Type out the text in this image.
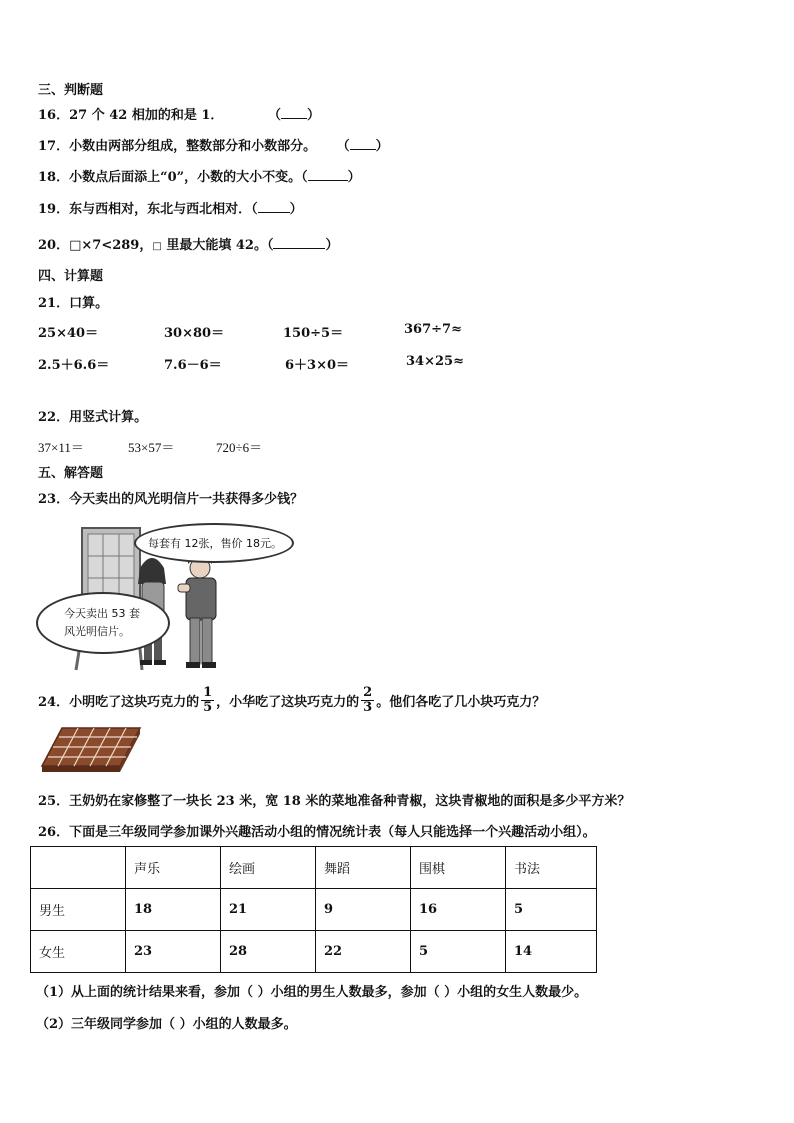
三、判断题
16．27 个 42 相加的和是 1．	（ ）
17．小数由两部分组成，整数部分和小数部分。 （ ）
18．小数点后面添上“0”，小数的大小不变。（	）
19．东与西相对，东北与西北相对．（ ）
20．□×7<289，□ 里最大能填 42。（	）
四、计算题
21．口算。
25×40＝	30×80＝	150÷5＝	367÷7≈
2.5＋6.6＝	7.6－6＝	6＋3×0＝	34×25≈
22．用竖式计算。
37×11＝	53×57＝	720÷6＝
五、解答题
23．今天卖出的风光明信片一共获得多少钱？
每套有 12张，售价 18元。
今天卖出 53 套
风光明信片。
24． 小明吃了这块巧克力的 $\frac{1}{5}$ ，小华吃了这块巧克力的 $\frac{2}{3}$ 。他们各吃了几小块巧克力？
25．王奶奶在家修整了一块长 23 米，宽 18 米的菜地准备种青椒，这块青椒地的面积是多少平方米？
26．下面是三年级同学参加课外兴趣活动小组的情况统计表（每人只能选择一个兴趣活动小组）。
	声乐	绘画	舞蹈	围棋	书法
男生	18	21	9	16	5
女生	23	28	22	5	14
（1）从上面的统计结果来看，参加（ ）小组的男生人数最多，参加（ ）小组的女生人数最少。
（2）三年级同学参加（ ）小组的人数最多。
